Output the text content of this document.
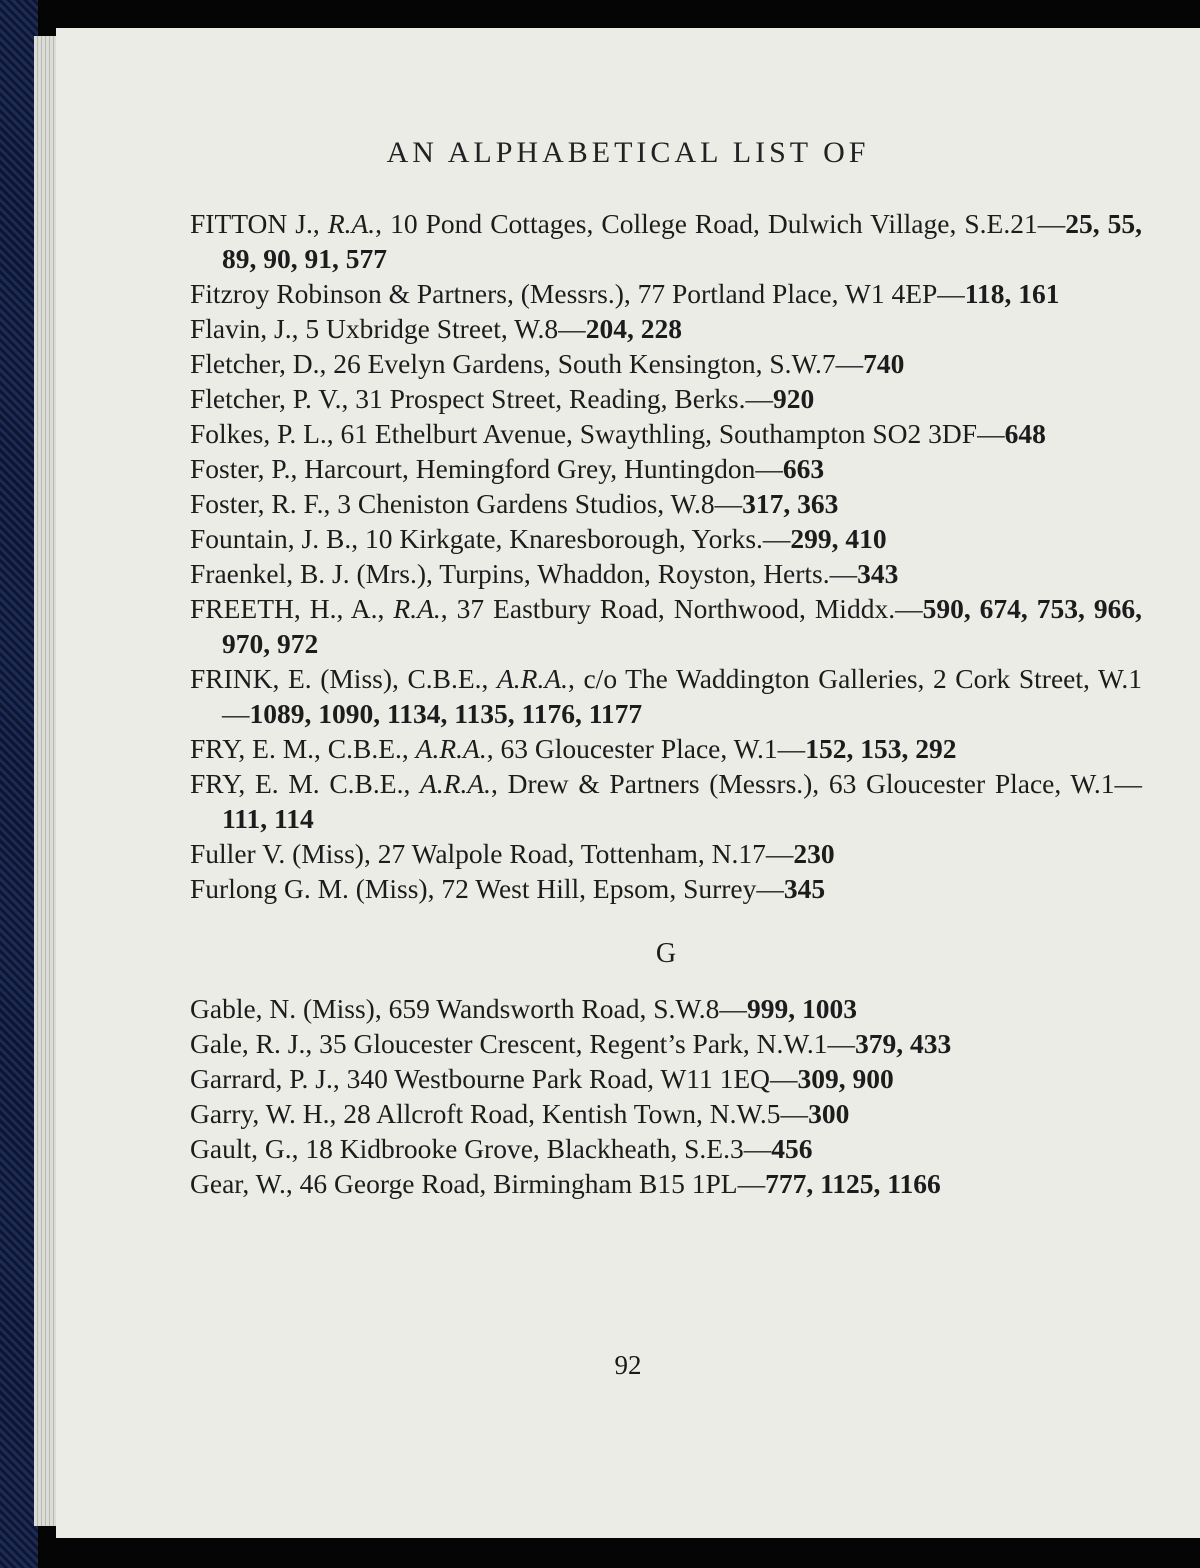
AN ALPHABETICAL LIST OF

FITTON J., R.A., 10 Pond Cottages, College Road, Dulwich Village, S.E.21—25, 55, 89, 90, 91, 577

Fitzroy Robinson & Partners, (Messrs.), 77 Portland Place, W1 4EP—118, 161

Flavin, J., 5 Uxbridge Street, W.8—204, 228

Fletcher, D., 26 Evelyn Gardens, South Kensington, S.W.7—740

Fletcher, P. V., 31 Prospect Street, Reading, Berks.—920

Folkes, P. L., 61 Ethelburt Avenue, Swaythling, Southampton SO2 3DF—648

Foster, P., Harcourt, Hemingford Grey, Huntingdon—663

Foster, R. F., 3 Cheniston Gardens Studios, W.8—317, 363

Fountain, J. B., 10 Kirkgate, Knaresborough, Yorks.—299, 410

Fraenkel, B. J. (Mrs.), Turpins, Whaddon, Royston, Herts.—343

FREETH, H., A., R.A., 37 Eastbury Road, Northwood, Middx.—590, 674, 753, 966, 970, 972

FRINK, E. (Miss), C.B.E., A.R.A., c/o The Waddington Galleries, 2 Cork Street, W.1—1089, 1090, 1134, 1135, 1176, 1177

FRY, E. M., C.B.E., A.R.A., 63 Gloucester Place, W.1—152, 153, 292

FRY, E. M. C.B.E., A.R.A., Drew & Partners (Messrs.), 63 Gloucester Place, W.1—111, 114

Fuller V. (Miss), 27 Walpole Road, Tottenham, N.17—230

Furlong G. M. (Miss), 72 West Hill, Epsom, Surrey—345

G

Gable, N. (Miss), 659 Wandsworth Road, S.W.8—999, 1003

Gale, R. J., 35 Gloucester Crescent, Regent’s Park, N.W.1—379, 433

Garrard, P. J., 340 Westbourne Park Road, W11 1EQ—309, 900

Garry, W. H., 28 Allcroft Road, Kentish Town, N.W.5—300

Gault, G., 18 Kidbrooke Grove, Blackheath, S.E.3—456

Gear, W., 46 George Road, Birmingham B15 1PL—777, 1125, 1166

92
